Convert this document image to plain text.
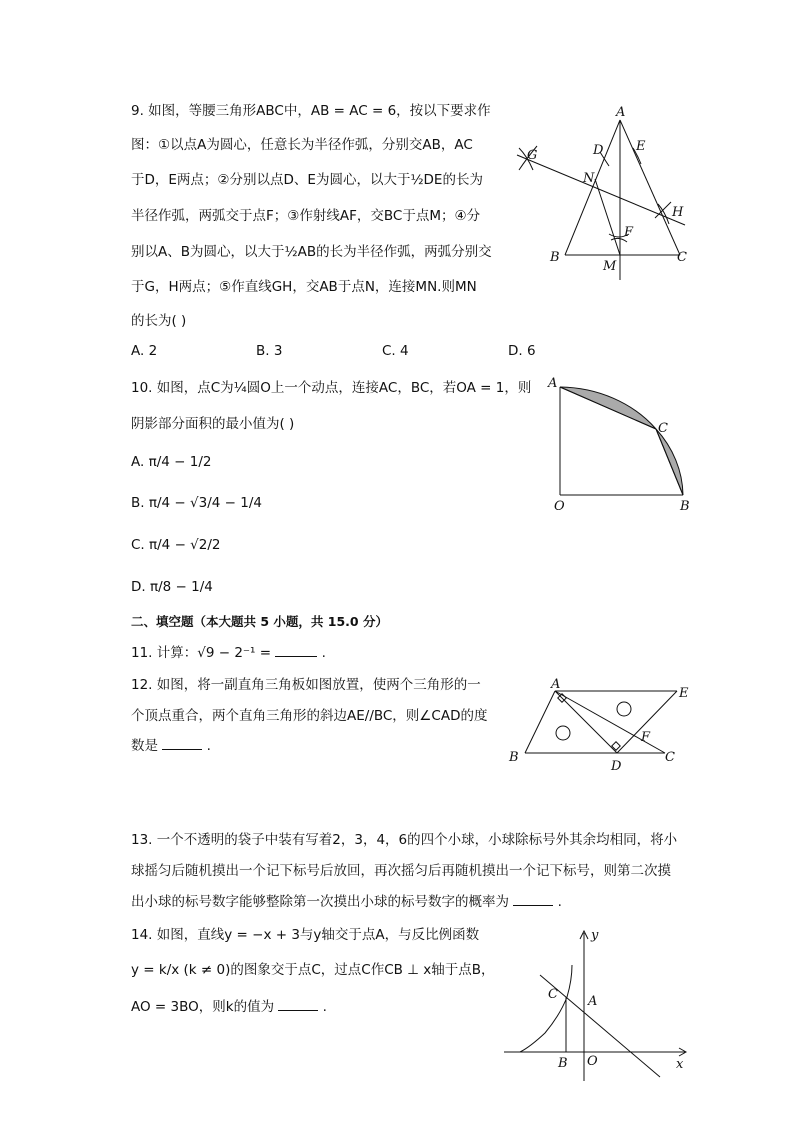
9. 如图，等腰三角形ABC中，AB = AC = 6，按以下要求作
图：①以点A为圆心，任意长为半径作弧，分别交AB，AC
于D，E两点；②分别以点D、E为圆心，以大于½DE的长为
半径作弧，两弧交于点F；③作射线AF，交BC于点M；④分
别以A、B为圆心，以大于½AB的长为半径作弧，两弧分别交
于G，H两点；⑤作直线GH，交AB于点N，连接MN.则MN
的长为( )
A. 2	B. 3	C. 4	D. 6
A
D	E
G
N
H
F
B
M
C
10. 如图，点C为¼圆O上一个动点，连接AC，BC，若OA = 1，则
阴影部分面积的最小值为( )
A. π/4 − 1/2
B. π/4 − √3/4 − 1/4
C. π/4 − √2/2
D. π/8 − 1/4
A
C
O	B
二、填空题（本大题共 5 小题，共 15.0 分）
11. 计算：√9 − 2⁻¹ =	.
12. 如图，将一副直角三角板如图放置，使两个三角形的一
个顶点重合，两个直角三角形的斜边AE//BC，则∠CAD的度
数是	.
A
E
F
B
D
C
13. 一个不透明的袋子中装有写着2，3，4，6的四个小球，小球除标号外其余均相同，将小
球摇匀后随机摸出一个记下标号后放回，再次摇匀后再随机摸出一个记下标号，则第二次摸
出小球的标号数字能够整除第一次摸出小球的标号数字的概率为	.
14. 如图，直线y = −x + 3与y轴交于点A，与反比例函数
y = k/x (k ≠ 0)的图象交于点C，过点C作CB ⊥ x轴于点B，
AO = 3BO，则k的值为	.
y
C A
B O	x
